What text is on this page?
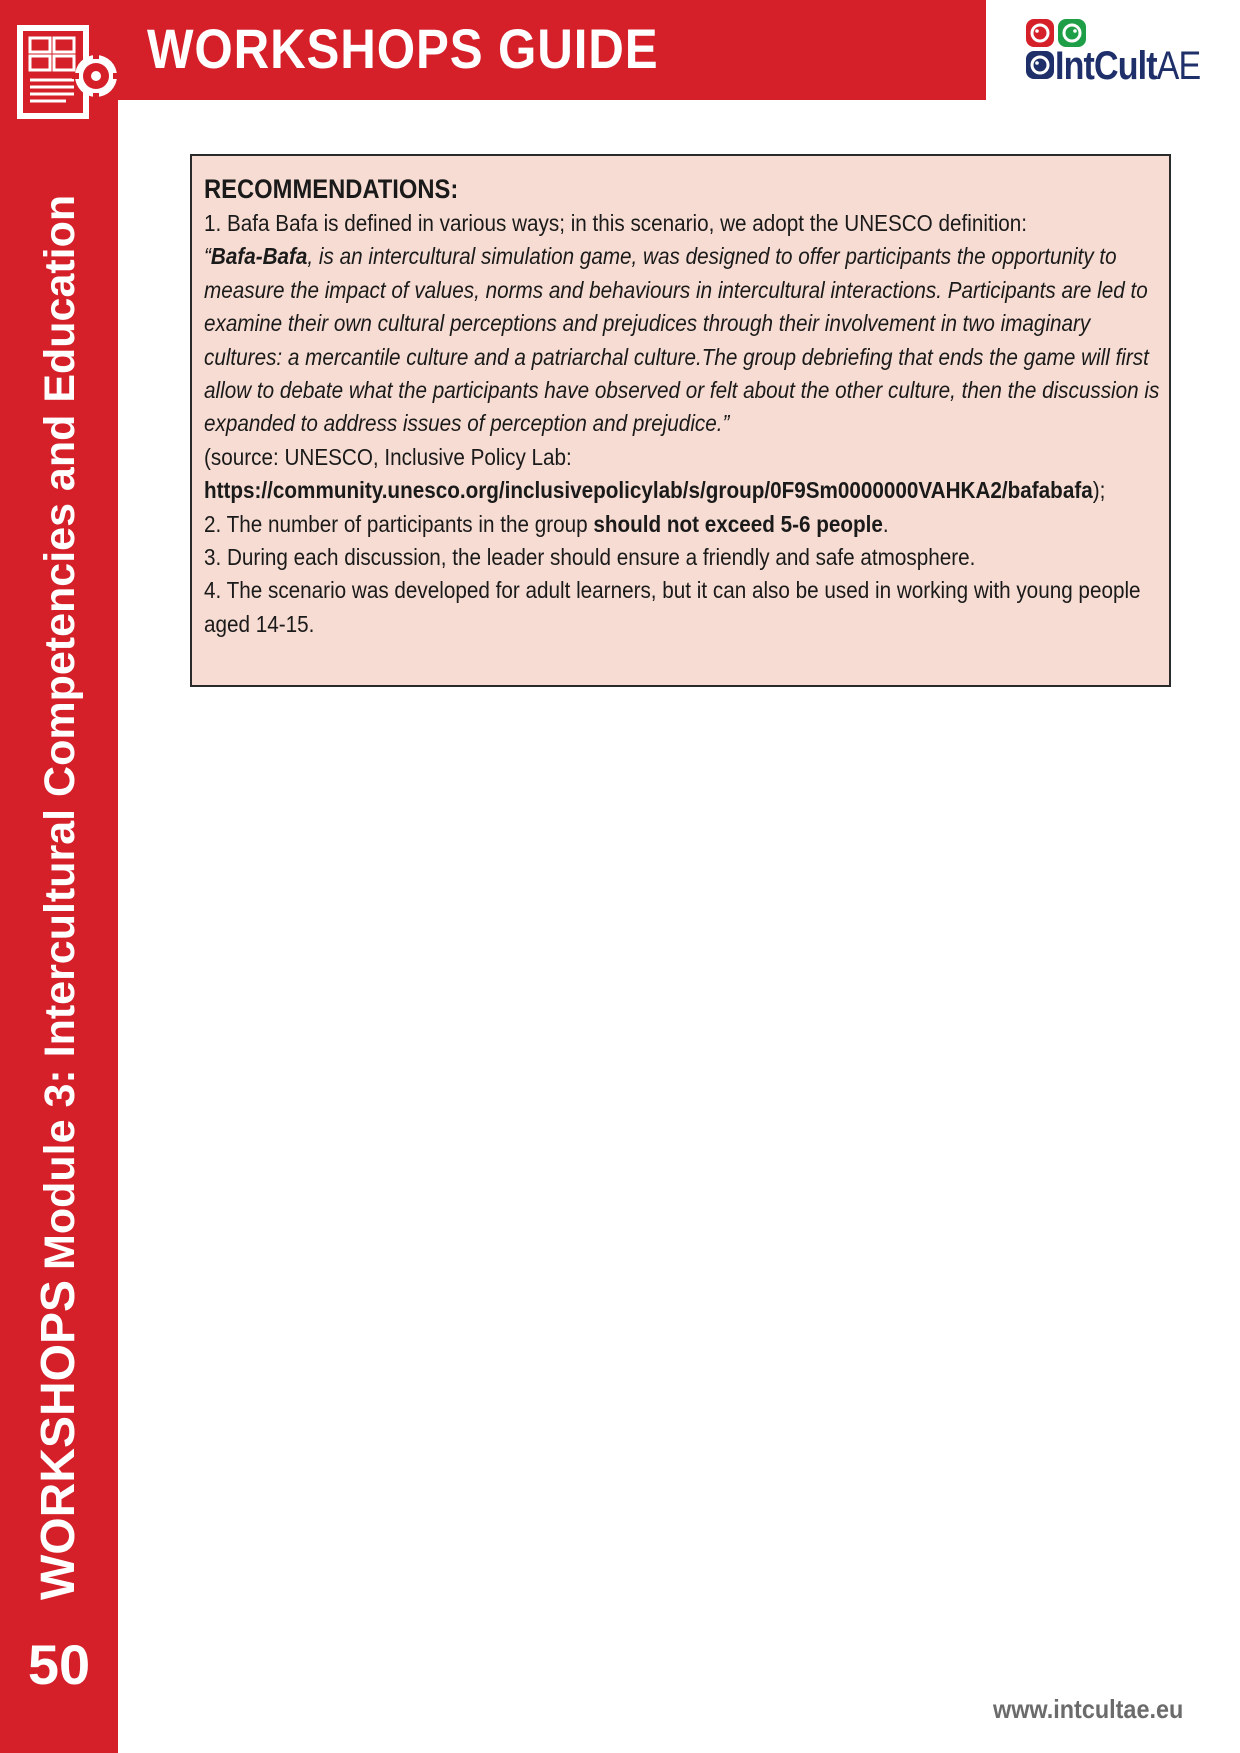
WORKSHOPS GUIDE
WORKSHOPSModule 3: Intercultural Competencies and Education
50
IntCultAE
RECOMMENDATIONS:

1. Bafa Bafa is defined in various ways; in this scenario, we adopt the UNESCO definition:

“Bafa-Bafa, is an intercultural simulation game, was designed to offer participants the opportunity to measure the impact of values, norms and behaviours in intercultural interactions. Participants are led to examine their own cultural perceptions and prejudices through their involvement in two imaginary cultures: a mercantile culture and a patriarchal culture.The group debriefing that ends the game will first allow to debate what the participants have observed or felt about the other culture, then the discussion is expanded to address issues of perception and prejudice.”

(source: UNESCO, Inclusive Policy Lab:

https://community.unesco.org/inclusivepolicylab/s/group/0F9Sm0000000VAHKA2/bafabafa);

2. The number of participants in the group should not exceed 5-6 people.

3. During each discussion, the leader should ensure a friendly and safe atmosphere.

4. The scenario was developed for adult learners, but it can also be used in working with young people aged 14-15.

www.intcultae.eu
